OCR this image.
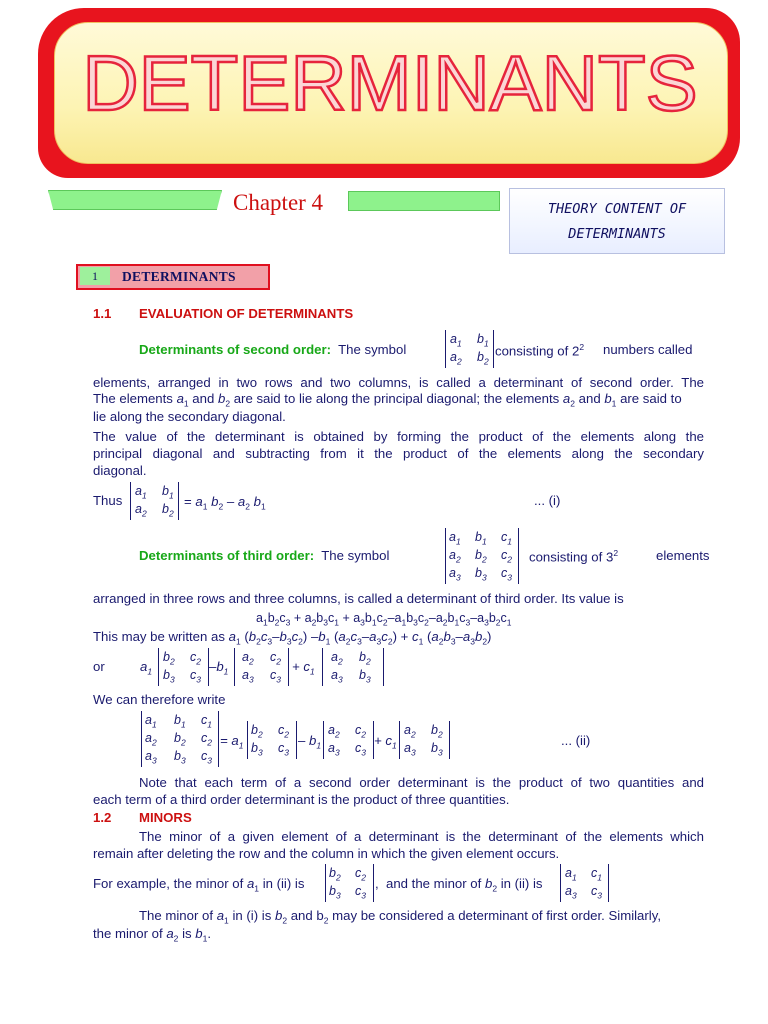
DETERMINANTS
Chapter 4	THEORY CONTENT OF
DETERMINANTS
1	DETERMINANTS
1.1 EVALUATION OF DETERMINANTS
Determinants of second order: The symbol
$a_1$ $b_1$
$a_2$ $b_2$
consisting of $2^2$ numbers called
elements, arranged in two rows and two columns, is called a determinant of second order. The
The elements $a_1$ and $b_2$ are said to lie along the principal diagonal; the elements $a_2$ and $b_1$ are said to
lie along the secondary diagonal.
The value of the determinant is obtained by forming the product of the elements along the
principal diagonal and subtracting from it the product of the elements along the secondary
diagonal.
Thus
$a_1$ $b_1$
$a_2$ $b_2$
= $a_1$ $b_2 - a_2$ $b_1$	... (i)
Determinants of third order: The symbol
$a_1$ $b_1$ $c_1$
$a_2$ $b_2$ $c_2$
$a_3$ $b_3$ $c_3$
consisting of $3^2$	elements
arranged in three rows and three columns, is called a determinant of third order. Its value is
$a_1b_2c_3 + a_2b_3c_1 + a_3b_1c_2-a_1b_3c_2-a_2b_1c_3-a_3b_2c_1$
This may be written as $a_1$ $(b_2c_3-b_3c_2)$ $-b_1$ $(a_2c_3-a_3c_2) + c_1$ $(a_2b_3-a_3b_2)$
or	$a_1$
$b_2$ $c_2$
$b_3$ $c_3$
$-b_1$
$a_2$ $c_2$
$a_3$ $c_3$
+ $c_1$
$a_2$ $b_2$
$a_3$ $b_3$
We can therefore write
$a_1$ $b_1$ $c_1$
$a_2$ $b_2$ $c_2$
$a_3$ $b_3$ $c_3$
= $a_1$
$b_2$ $c_2$
$b_3$ $c_3$
– $b_1$
$a_2$ $c_2$
$a_3$ $c_3$
+ $c_1$
$a_2$ $b_2$
$a_3$ $b_3$
... (ii)
Note that each term of a second order determinant is the product of two quantities and
each term of a third order determinant is the product of three quantities.
1.2 MINORS
The minor of a given element of a determinant is the determinant of the elements which
remain after deleting the row and the column in which the given element occurs.
For example, the minor of $a_1$ in (ii) is
$b_2$ $c_2$
$b_3$ $c_3$
,  and the minor of $b_2$ in (ii) is
$a_1$ $c_1$
$a_3$ $c_3$
The minor of $a_1$ in (i) is $b_2$ and $b_2$ may be considered a determinant of first order. Similarly,
the minor of $a_2$ is $b_1$.
